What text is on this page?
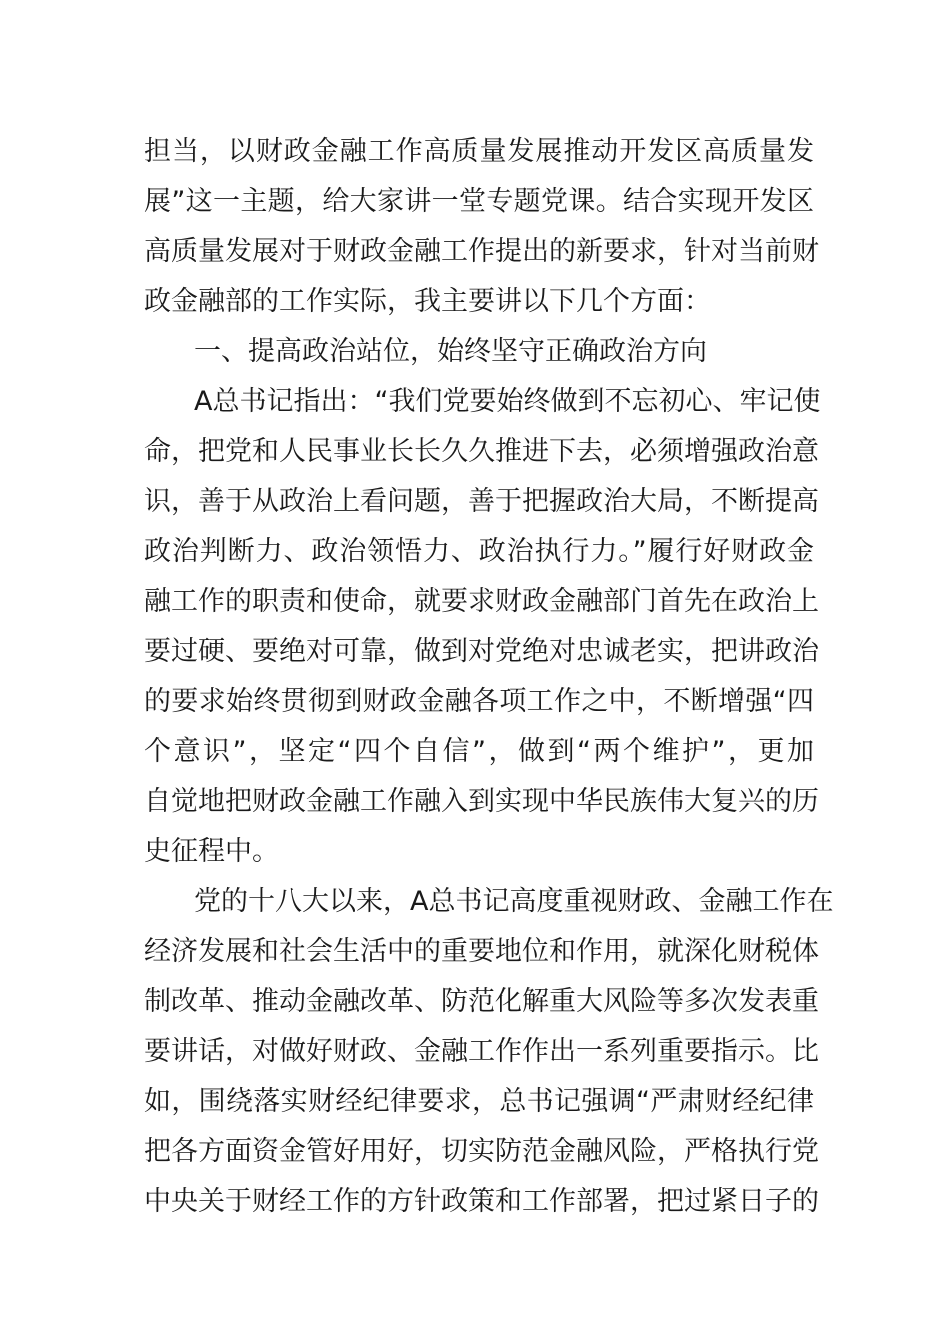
担当，以财政金融工作高质量发展推动开发区高质量发
展”这一主题，给大家讲一堂专题党课。结合实现开发区
高质量发展对于财政金融工作提出的新要求，针对当前财
政金融部的工作实际，我主要讲以下几个方面：
一、提高政治站位，始终坚守正确政治方向
A总书记指出：“我们党要始终做到不忘初心、牢记使
命，把党和人民事业长长久久推进下去，必须增强政治意
识，善于从政治上看问题，善于把握政治大局，不断提高
政治判断力、政治领悟力、政治执行力。”履行好财政金
融工作的职责和使命，就要求财政金融部门首先在政治上
要过硬、要绝对可靠，做到对党绝对忠诚老实，把讲政治
的要求始终贯彻到财政金融各项工作之中，不断增强“四
个意识”，坚定“四个自信”，做到“两个维护”，更加
自觉地把财政金融工作融入到实现中华民族伟大复兴的历
史征程中。
党的十八大以来，A总书记高度重视财政、金融工作在
经济发展和社会生活中的重要地位和作用，就深化财税体
制改革、推动金融改革、防范化解重大风险等多次发表重
要讲话，对做好财政、金融工作作出一系列重要指示。比
如，围绕落实财经纪律要求，总书记强调“严肃财经纪律
把各方面资金管好用好，切实防范金融风险，严格执行党
中央关于财经工作的方针政策和工作部署，把过紧日子的
